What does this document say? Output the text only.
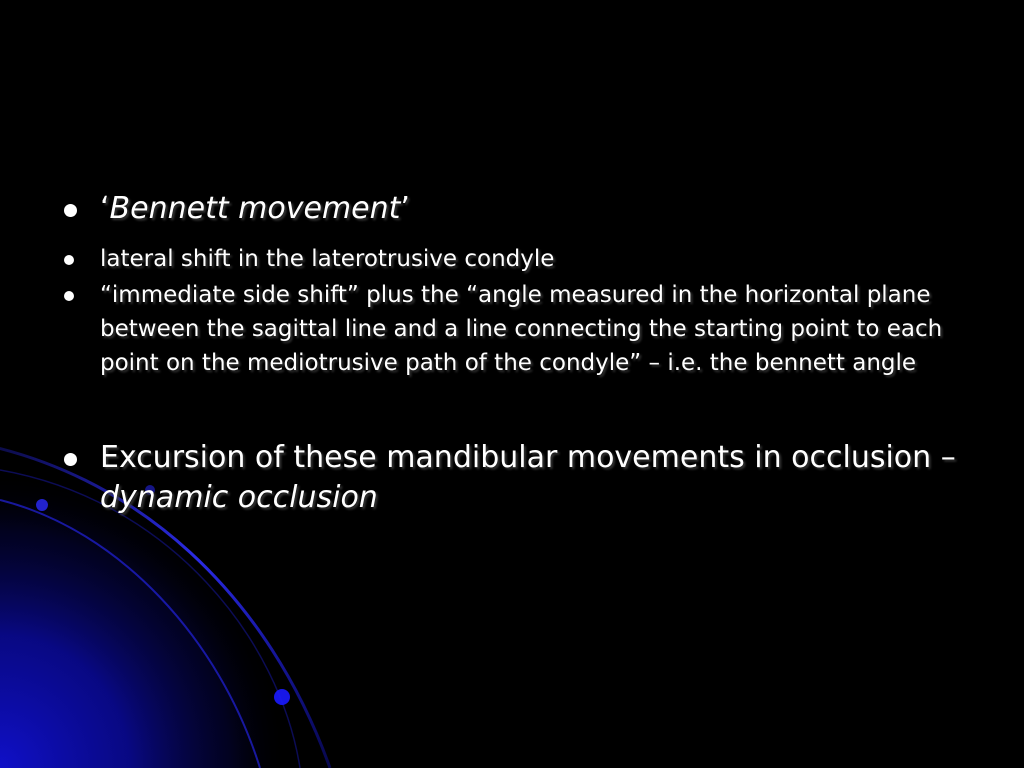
‘Bennett movement’
lateral shift in the laterotrusive condyle
“immediate side shift” plus the “angle measured in the horizontal plane between the sagittal line and a line connecting the starting point to each point on the mediotrusive path of the condyle” – i.e. the bennett angle
Excursion of these mandibular movements in occlusion – dynamic occlusion
